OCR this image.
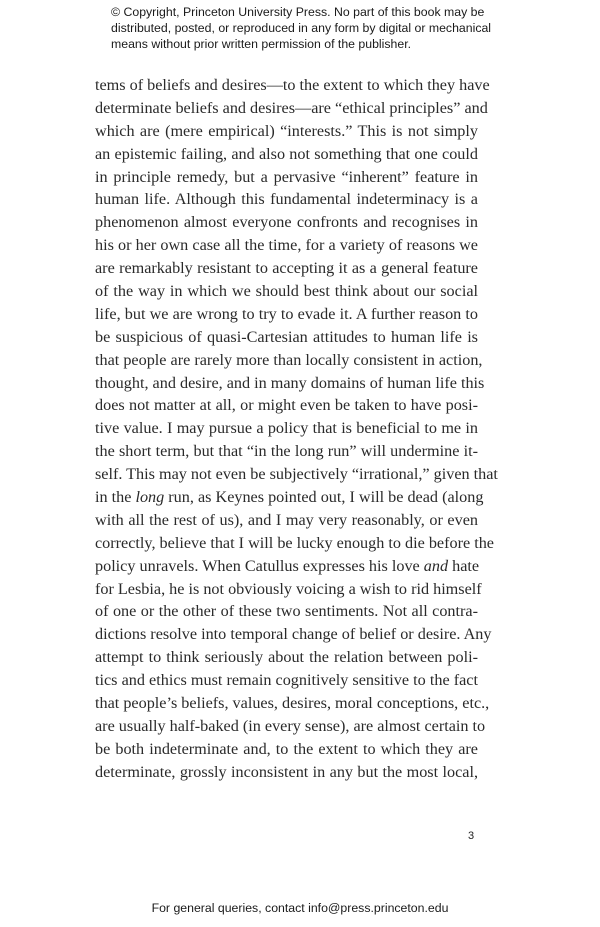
© Copyright, Princeton University Press. No part of this book may be
distributed, posted, or reproduced in any form by digital or mechanical
means without prior written permission of the publisher.
tems of beliefs and desires—to the extent to which they have
determinate beliefs and desires—are “ethical principles” and
which are (mere empirical) “interests.” This is not simply
an epistemic failing, and also not something that one could
in principle remedy, but a pervasive “inherent” feature in
human life. Although this fundamental indeterminacy is a
phenomenon almost everyone confronts and recognises in
his or her own case all the time, for a variety of reasons we
are remarkably resistant to accepting it as a general feature
of the way in which we should best think about our social
life, but we are wrong to try to evade it. A further reason to
be suspicious of quasi-Cartesian attitudes to human life is
that people are rarely more than locally consistent in action,
thought, and desire, and in many domains of human life this
does not matter at all, or might even be taken to have posi-
tive value. I may pursue a policy that is beneficial to me in
the short term, but that “in the long run” will undermine it-
self. This may not even be subjectively “irrational,” given that
in the long run, as Keynes pointed out, I will be dead (along
with all the rest of us), and I may very reasonably, or even
correctly, believe that I will be lucky enough to die before the
policy unravels. When Catullus expresses his love and hate
for Lesbia, he is not obviously voicing a wish to rid himself
of one or the other of these two sentiments. Not all contra-
dictions resolve into temporal change of belief or desire. Any
attempt to think seriously about the relation between poli-
tics and ethics must remain cognitively sensitive to the fact
that people’s beliefs, values, desires, moral conceptions, etc.,
are usually half-baked (in every sense), are almost certain to
be both indeterminate and, to the extent to which they are
determinate, grossly inconsistent in any but the most local,
3
For general queries, contact info@press.princeton.edu
